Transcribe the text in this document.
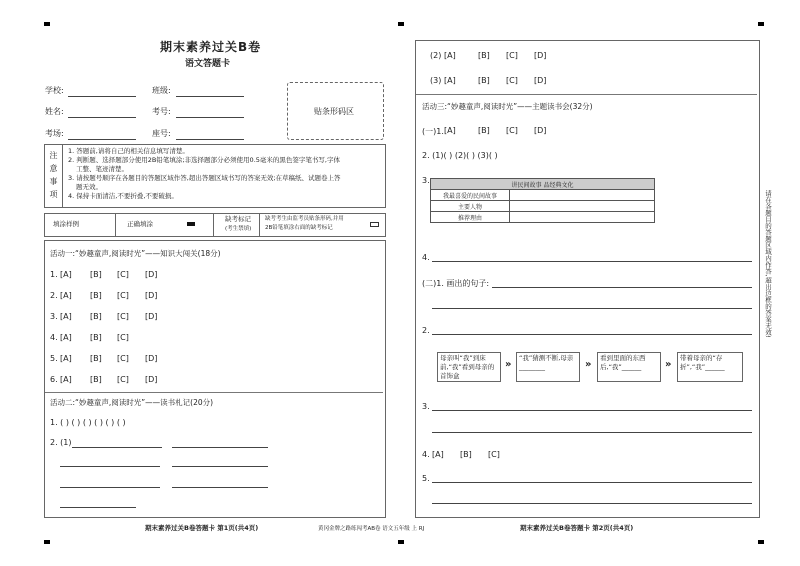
期末素养过关B卷
语文答题卡
学校:	班级:
姓名:	考号:
考场:	座号:
贴条形码区
注
意
事
项
1. 答题前,请将自己的相关信息填写清楚。
2. 判断题、选择题部分使用2B铅笔填涂;非选择题部分必须使用0.5毫米的黑色签字笔书写,字体
工整、笔迹清楚。
3. 请按题号顺序在各题目的答题区域作答,超出答题区域书写的答案无效;在草稿纸、试题卷上答
题无效。
4. 保持卡面清洁,不要折叠,不要破损。
填涂样例	正确填涂
缺考标记
(考生禁填)
缺考考生由监考员贴条形码,并用
2B铅笔填涂右面的缺考标记
活动一:“妙趣童声,阅读时光”——知识大闯关(18分)
1. [A] [B] [C] [D]
2. [A] [B] [C] [D]
3. [A] [B] [C] [D]
4. [A] [B] [C]
5. [A] [B] [C] [D]
6. [A] [B] [C] [D]
活动二:“妙趣童声,阅读时光”——读书札记(20分)
1. ( ) ( ) ( ) ( ) ( ) ( )
2. (1)
期末素养过关B卷答题卡 第1页(共4页)	黄冈金牌之路练闯考AB卷 语文五年级 上 RJ
(2) [A]	[B] [C] [D]
(3) [A]	[B] [C] [D]
活动三:“妙趣童声,阅读时光”——主题读书会(32分)
(一)1. [A]	[B] [C] [D]
2. (1)( ) (2)( ) (3)( )
3.	讲民间故事 品经典文化	
我最喜爱的民间故事	
主要人物	
推荐理由	
4.
(二)1. 画出的句子:
2.
母亲叫“我”到床前,“我”看到母亲的首饰盒
»
“我”猜测不断,母亲________	»
看到里面的东西后,“我”______	»
带着母亲的“存折”,“我”______
3.
4. [A] [B] [C]
5.
期末素养过关B卷答题卡 第2页(共4页)
请在各题目的答题区域内作答,超出边框的答案无效!
